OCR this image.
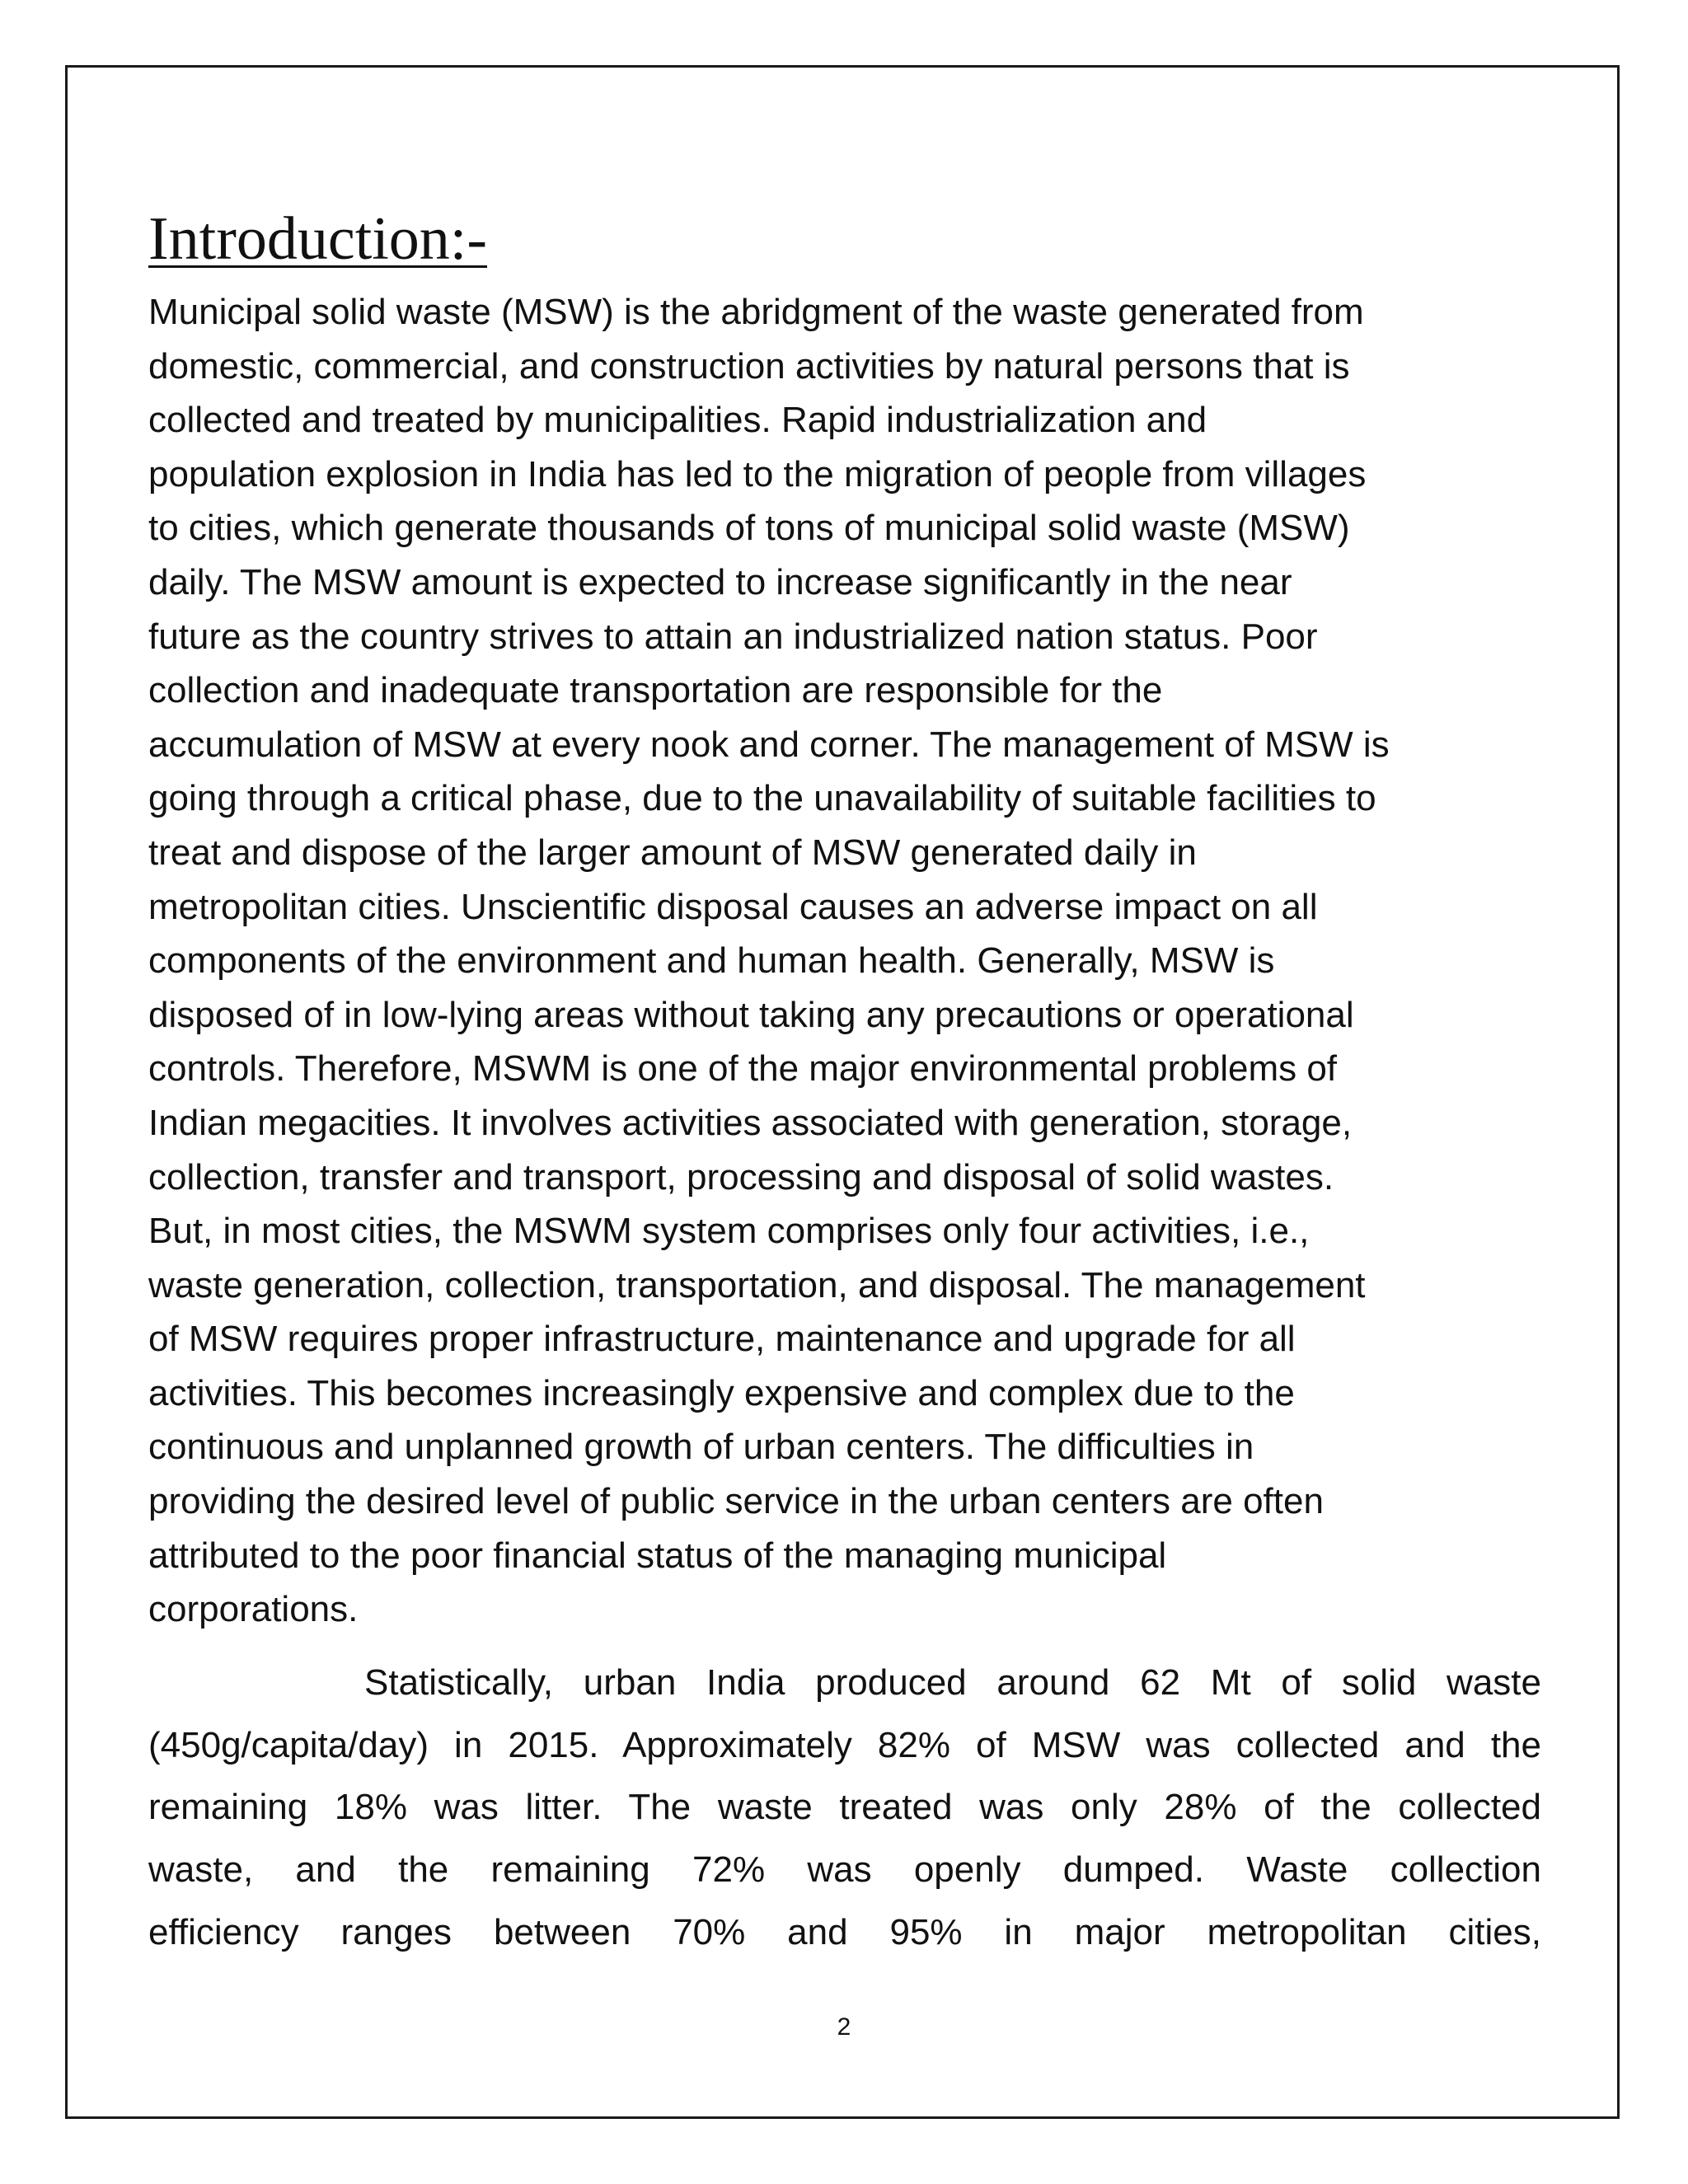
Introduction:-
Municipal solid waste (MSW) is the abridgment of the waste generated from
domestic, commercial, and construction activities by natural persons that is
collected and treated by municipalities. Rapid industrialization and
population explosion in India has led to the migration of people from villages
to cities, which generate thousands of tons of municipal solid waste (MSW)
daily. The MSW amount is expected to increase significantly in the near
future as the country strives to attain an industrialized nation status. Poor
collection and inadequate transportation are responsible for the
accumulation of MSW at every nook and corner. The management of MSW is
going through a critical phase, due to the unavailability of suitable facilities to
treat and dispose of the larger amount of MSW generated daily in
metropolitan cities. Unscientific disposal causes an adverse impact on all
components of the environment and human health. Generally, MSW is
disposed of in low-lying areas without taking any precautions or operational
controls. Therefore, MSWM is one of the major environmental problems of
Indian megacities. It involves activities associated with generation, storage,
collection, transfer and transport, processing and disposal of solid wastes.
But, in most cities, the MSWM system comprises only four activities, i.e.,
waste generation, collection, transportation, and disposal. The management
of MSW requires proper infrastructure, maintenance and upgrade for all
activities. This becomes increasingly expensive and complex due to the
continuous and unplanned growth of urban centers. The difficulties in
providing the desired level of public service in the urban centers are often
attributed to the poor financial status of the managing municipal
corporations.
Statistically, urban India produced around 62 Mt of solid waste
(450g/capita/day) in 2015. Approximately 82% of MSW was collected and the
remaining 18% was litter. The waste treated was only 28% of the collected
waste, and the remaining 72% was openly dumped. Waste collection
efficiency ranges between 70% and 95% in major metropolitan cities,
2
